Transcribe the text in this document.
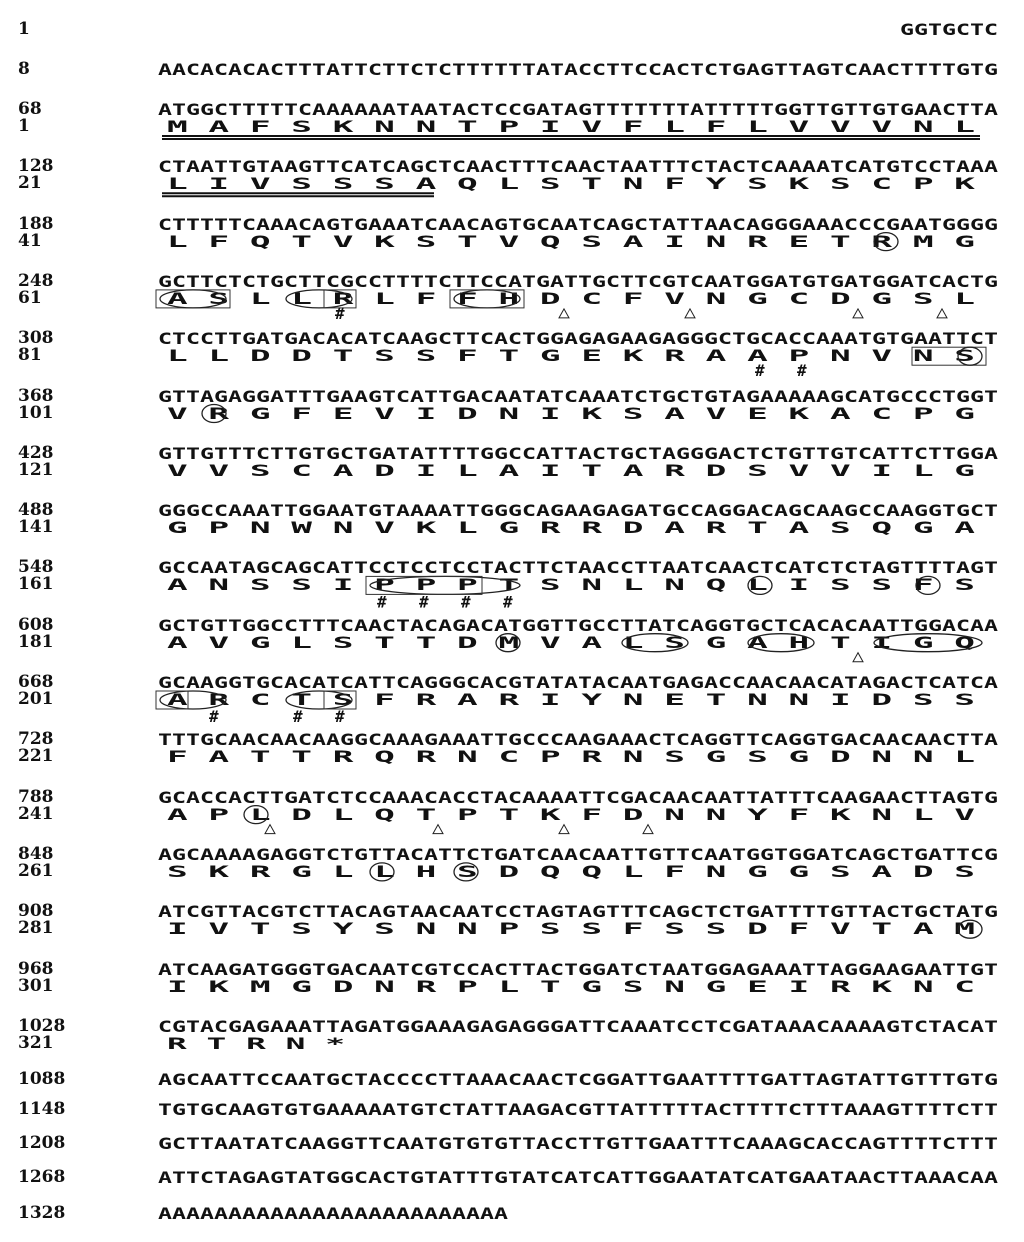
1	GGTGCTC
8	AACACACACTTTATTCTTCTCTTTTTTATACCTTCCACTCTGAGTTAGTCAACTTTTGTG
68	ATGGCTTTTTCAAAAAATAATACTCCGATAGTTTTTTTATTTTTGGTTGTTGTGAACTTA
1	M A F S K N N T P I V F L F L V V V N L
128	CTAATTGTAAGTTCATCAGCTCAACTTTCAACTAATTTCTACTCAAAATCATGTCCTAAA
21	L I V S S S A Q L S T N F Y S K S C P K
188	CTTTTTCAAACAGTGAAATCAACAGTGCAATCAGCTATTAACAGGGAAACCCGAATGGGG
41	L F Q T V K S T V Q S A I N R E T R M G
248	GCTTCTCTGCTTCGCCTTTTCTTCCATGATTGCTTCGTCAATGGATGTGATGGATCACTG
61	A S L L R L F F H D C F V N G C D G S L
308	CTCCTTGATGACACATCAAGCTTCACTGGAGAGAAGAGGGCTGCACCAAATGTGAATTCT
81	L L D D T S S F T G E K R A A P N V N S
368	GTTAGAGGATTTGAAGTCATTGACAATATCAAATCTGCTGTAGAAAAAGCATGCCCTGGT
101	V R G F E V I D N I K S A V E K A C P G
428	GTTGTTTCTTGTGCTGATATTTTGGCCATTACTGCTAGGGACTCTGTTGTCATTCTTGGA
121	V V S C A D I L A I T A R D S V V I L G
488	GGGCCAAATTGGAATGTAAAATTGGGCAGAAGAGATGCCAGGACAGCAAGCCAAGGTGCT
141	G P N W N V K L G R R D A R T A S Q G A
548	GCCAATAGCAGCATTCCTCCTCCTACTTCTAACCTTAATCAACTCATCTCTAGTTTTAGT
161	A N S S I P P P T S N L N Q L I S S F S
608	GCTGTTGGCCTTTCAACTACAGACATGGTTGCCTTATCAGGTGCTCACACAATTGGACAA
181	A V G L S T T D M V A L S G A H T I G Q
668	GCAAGGTGCACATCATTCAGGGCACGTATATACAATGAGACCAACAACATAGACTCATCA
201	A R C T S F R A R I Y N E T N N I D S S
728	TTTGCAACAACAAGGCAAAGAAATTGCCCAAGAAACTCAGGTTCAGGTGACAACAACTTA
221	F A T T R Q R N C P R N S G S G D N N L
788	GCACCACTTGATCTCCAAACACCTACAAAATTCGACAACAATTATTTCAAGAACTTAGTG
241	A P L D L Q T P T K F D N N Y F K N L V
848	AGCAAAAGAGGTCTGTTACATTCTGATCAACAATTGTTCAATGGTGGATCAGCTGATTCG
261	S K R G L L H S D Q Q L F N G G S A D S
908	ATCGTTACGTCTTACAGTAACAATCCTAGTAGTTTCAGCTCTGATTTTGTTACTGCTATG
281	I V T S Y S N N P S S F S S D F V T A M
968	ATCAAGATGGGTGACAATCGTCCACTTACTGGATCTAATGGAGAAATTAGGAAGAATTGT
301	I K M G D N R P L T G S N G E I R K N C
1028	CGTACGAGAAATTAGATGGAAAGAGAGGGATTCAAATCCTCGATAAACAAAAGTCTACAT
321	R T R N *
1088	AGCAATTCCAATGCTACCCCTTAAACAACTCGGATTGAATTTTGATTAGTATTGTTTGTG
1148	TGTGCAAGTGTGAAAAATGTCTATTAAGACGTTATTTTTACTTTTCTTTAAAGTTTTCTT
1208	GCTTAATATCAAGGTTCAATGTGTGTTACCTTGTTGAATTTCAAAGCACCAGTTTTCTTT
1268	ATTCTAGAGTATGGCACTGTATTTGTATCATCATTGGAATATCATGAATAACTTAAACAA
1328	AAAAAAAAAAAAAAAAAAAAAAAAA
#
# #
# # # #
#	# #
